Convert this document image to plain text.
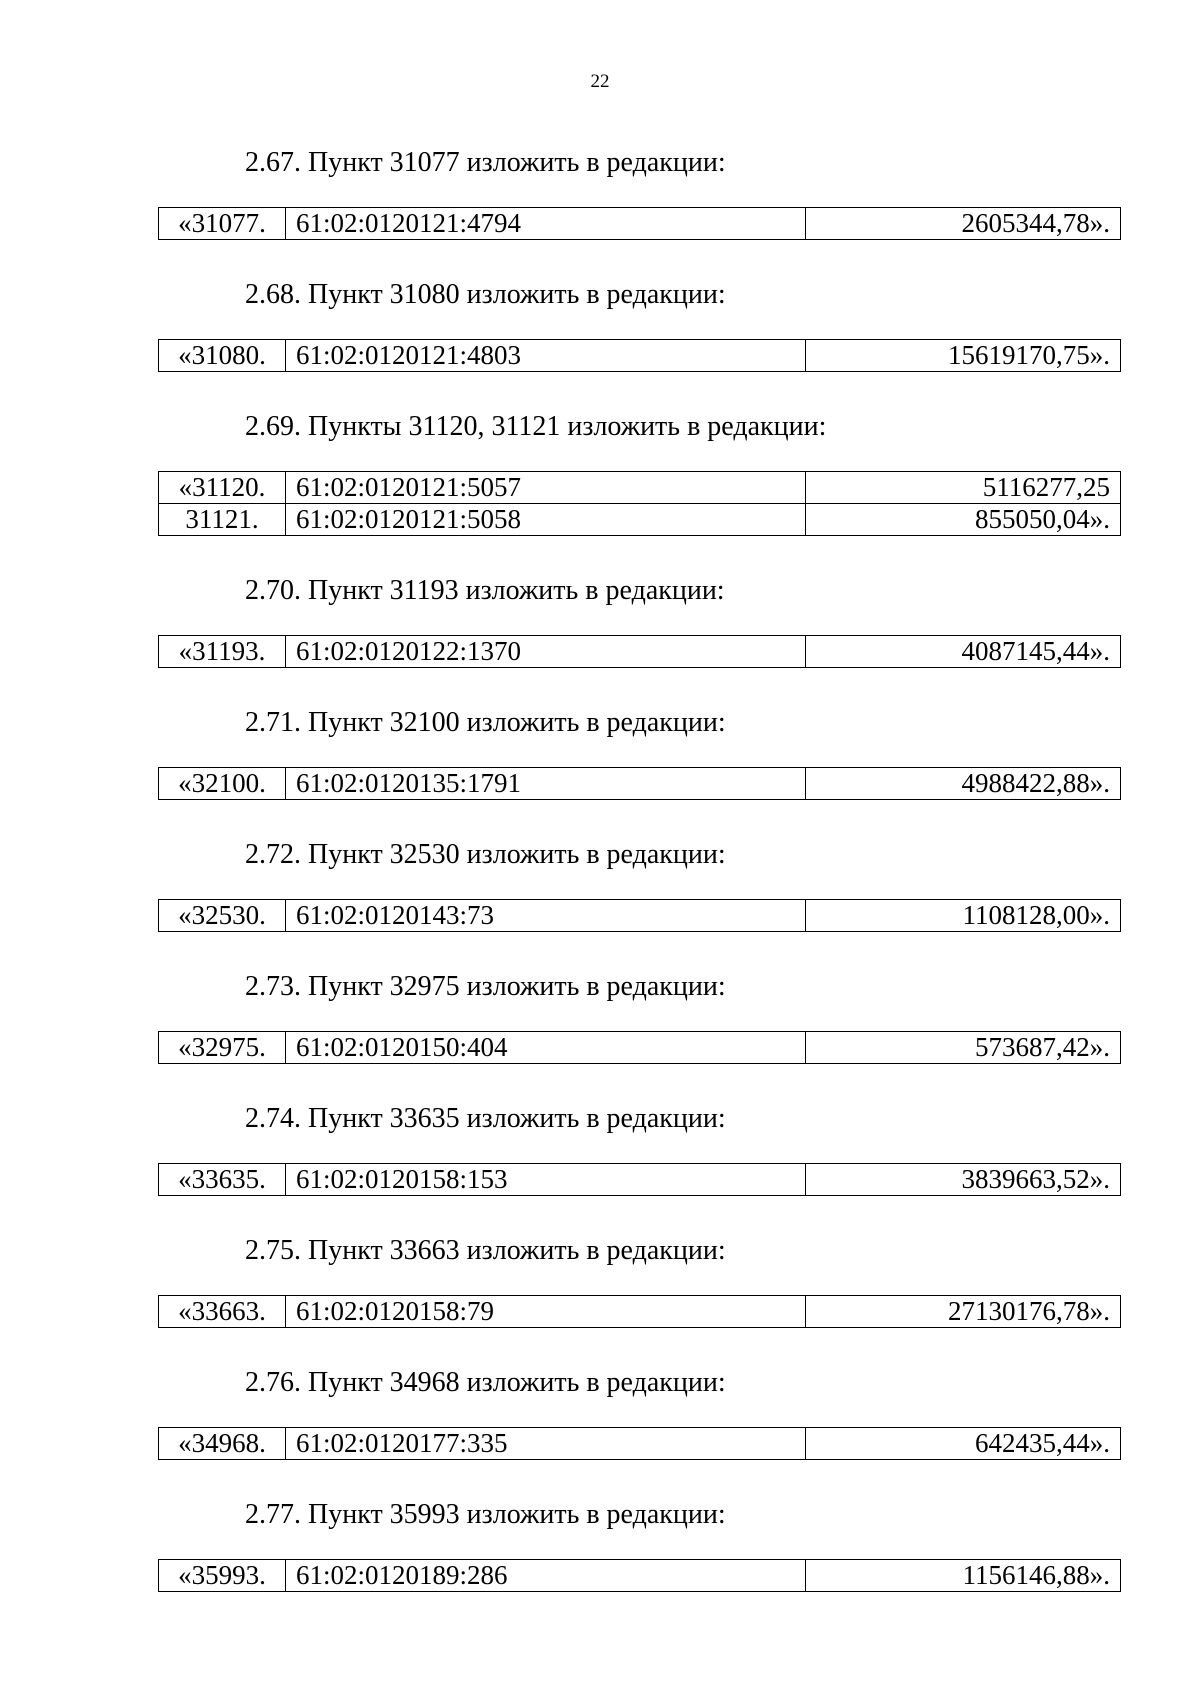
22

2.67. Пункт 31077 изложить в редакции:

«31077.	61:02:0120121:4794	2605344,78».

2.68. Пункт 31080 изложить в редакции:

«31080.	61:02:0120121:4803	15619170,75».

2.69. Пункты 31120, 31121 изложить в редакции:

«31120.	61:02:0120121:5057	5116277,25
31121.	61:02:0120121:5058	855050,04».

2.70. Пункт 31193 изложить в редакции:

«31193.	61:02:0120122:1370	4087145,44».

2.71. Пункт 32100 изложить в редакции:

«32100.	61:02:0120135:1791	4988422,88».

2.72. Пункт 32530 изложить в редакции:

«32530.	61:02:0120143:73	1108128,00».

2.73. Пункт 32975 изложить в редакции:

«32975.	61:02:0120150:404	573687,42».

2.74. Пункт 33635 изложить в редакции:

«33635.	61:02:0120158:153	3839663,52».

2.75. Пункт 33663 изложить в редакции:

«33663.	61:02:0120158:79	27130176,78».

2.76. Пункт 34968 изложить в редакции:

«34968.	61:02:0120177:335	642435,44».

2.77. Пункт 35993 изложить в редакции:

«35993.	61:02:0120189:286	1156146,88».
